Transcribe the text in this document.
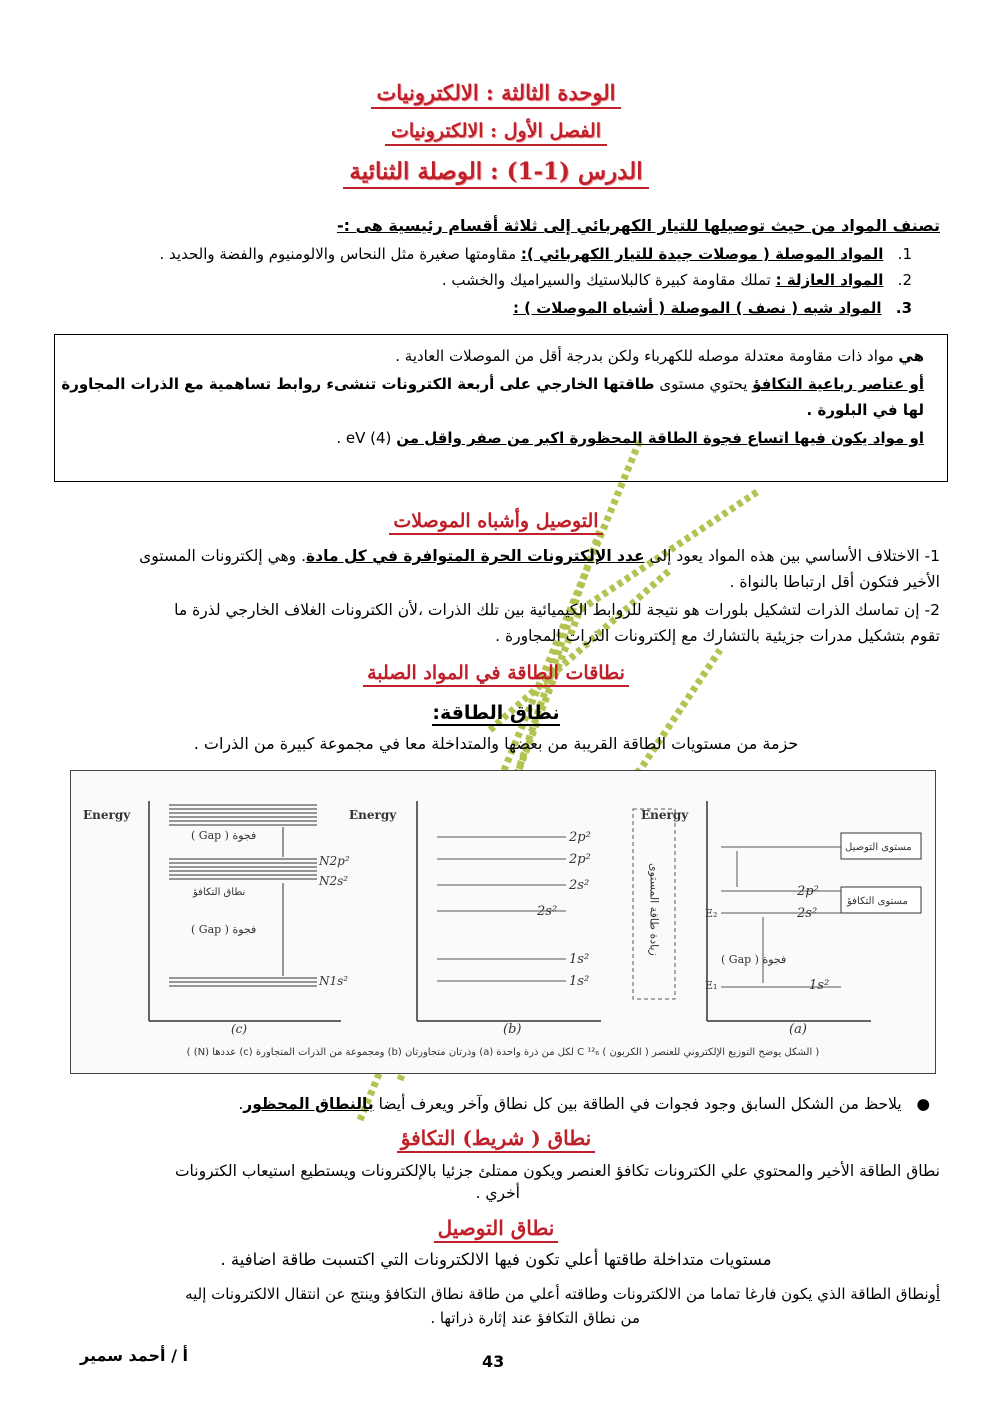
الوحدة الثالثة : الالكترونيات
الفصل الأول : الالكترونيات
الدرس (1-1) : الوصلة الثنائية
تصنف المواد من حيث توصيلها للتيار الكهربائي إلى ثلاثة أقسام رئيسية هى :-
1.   المواد الموصلة ( موصلات جيدة للتيار الكهربائي ): مقاومتها صغيرة مثل النحاس والالومنيوم والفضة والحديد .
2.   المواد العازلة : تملك مقاومة كبيرة كالبلاستيك والسيراميك والخشب .
3.   المواد شبه ( نصف ) الموصلة ( أشباه الموصلات ) :
هي مواد ذات مقاومة معتدلة موصله للكهرباء ولكن بدرجة أقل من الموصلات العادية .
أو عناصر رباعية التكافؤ يحتوي مستوى طاقتها الخارجي على أربعة الكترونات تنشىء روابط تساهمية مع الذرات المجاورة
لها في البلورة .
او مواد يكون فيها اتساع فجوة الطاقة المحظورة اكبر من صفر واقل من eV (4) .
التوصيل وأشباه الموصلات
1- الاختلاف الأساسي بين هذه المواد يعود إلى عدد الإلكترونات الحرة المتوافرة في كل مادة. وهي إلكترونات المستوى
الأخير فتكون أقل ارتباطا بالنواة .
2- إن تماسك الذرات لتشكيل بلورات هو نتيجة للروابط الكيميائية بين تلك الذرات ،لأن الكترونات الغلاف الخارجي لذرة ما
تقوم بتشكيل مدرات جزيئية بالتشارك مع إلكترونات الذرات المجاورة .
نطاقات الطاقة في المواد الصلبة
نطاق الطاقة:
حزمة من مستويات الطاقة القريبة من بعضها والمتداخلة معا في مجموعة كبيرة من الذرات .
Energy
( Gap ) فجوة
N2p²
N2s²
نطاق التكافؤ
( Gap ) فجوة
N1s²
(c)
Energy
2p²
2p²
2s²
2s²
1s²
1s²
(b)
زيادة طاقة المستوى
Energy
مستوى التوصيل
مستوى التكافؤ
2p²
2s²
E₂
( Gap ) فجوة
E₁	1s²
(a)
( الشكل يوضح التوزيع الإلكتروني للعنصر ( الكربون ) C ¹²₆ لكل من ذرة واحدة (a) وذرتان متجاورتان (b) ومجموعة من الذرات المتجاورة (c) عددها (N) )
●   يلاحظ من الشكل السابق وجود فجوات في الطاقة بين كل نطاق وآخر ويعرف أيضا بالنطاق المحظور.
نطاق ( شريط) التكافؤ
نطاق الطاقة الأخير والمحتوي علي الكترونات تكافؤ العنصر ويكون ممتلئ جزئيا بالإلكترونات ويستطيع استيعاب الكترونات
أخري .
نطاق التوصيل
مستويات متداخلة طاقتها أعلي تكون فيها الالكترونات التي اكتسبت طاقة اضافية .
أونطاق الطاقة الذي يكون فارغا تماما من الالكترونات وطاقته أعلي من طاقة نطاق التكافؤ وينتج عن انتقال الالكترونات إليه
من نطاق التكافؤ عند إثارة ذراتها .
أ / أحمد سمير	43
